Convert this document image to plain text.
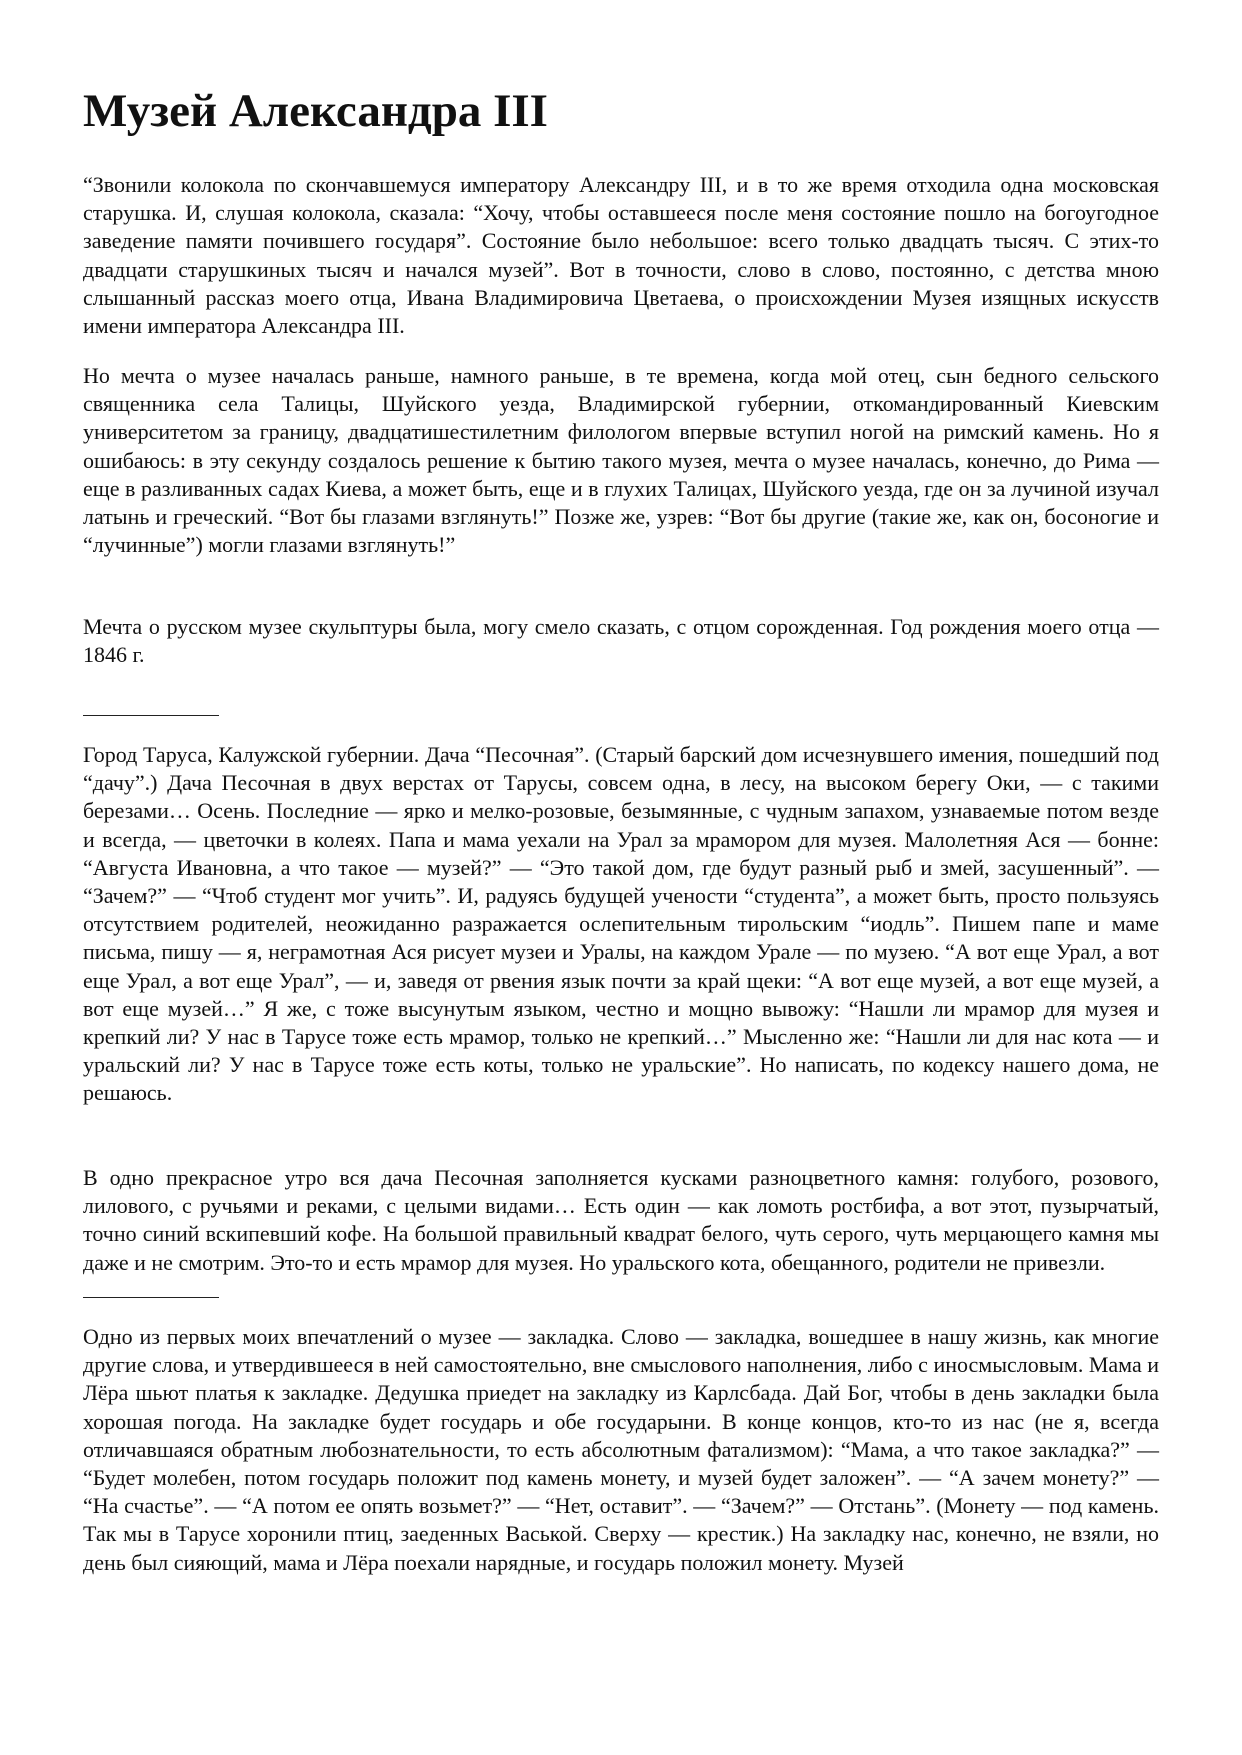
Музей Александра III

“Звонили колокола по скончавшемуся императору Александру III, и в то же время отходила одна московская старушка. И, слушая колокола, сказала: “Хочу, чтобы оставшееся после меня состояние пошло на богоугодное заведение памяти почившего государя”. Состояние было небольшое: всего только двадцать тысяч. С этих-то двадцати старушкиных тысяч и начался музей”. Вот в точности, слово в слово, постоянно, с детства мною слышанный рассказ моего отца, Ивана Владимировича Цветаева, о происхождении Музея изящных искусств имени императора Александра III.

Но мечта о музее началась раньше, намного раньше, в те времена, когда мой отец, сын бедного сельского священника села Талицы, Шуйского уезда, Владимирской губернии, откомандированный Киевским университетом за границу, двадцатишестилетним филологом впервые вступил ногой на римский камень. Но я ошибаюсь: в эту секунду создалось решение к бытию такого музея, мечта о музее началась, конечно, до Рима — еще в разливанных садах Киева, а может быть, еще и в глухих Талицах, Шуйского уезда, где он за лучиной изучал латынь и греческий. “Вот бы глазами взглянуть!” Позже же, узрев: “Вот бы другие (такие же, как он, босоногие и “лучинные”) могли глазами взглянуть!”

Мечта о русском музее скульптуры была, могу смело сказать, с отцом сорожденная. Год рождения моего отца — 1846 г.

Город Таруса, Калужской губернии. Дача “Песочная”. (Старый барский дом исчезнувшего имения, пошедший под “дачу”.) Дача Песочная в двух верстах от Тарусы, совсем одна, в лесу, на высоком берегу Оки, — с такими березами… Осень. Последние — ярко и мелко-розовые, безымянные, с чудным запахом, узнаваемые потом везде и всегда, — цветочки в колеях. Папа и мама уехали на Урал за мрамором для музея. Малолетняя Ася — бонне: “Августа Ивановна, а что такое — музей?” — “Это такой дом, где будут разный рыб и змей, засушенный”. — “Зачем?” — “Чтоб студент мог учить”. И, радуясь будущей учености “студента”, а может быть, просто пользуясь отсутствием родителей, неожиданно разражается ослепительным тирольским “иодль”. Пишем папе и маме письма, пишу — я, неграмотная Ася рисует музеи и Уралы, на каждом Урале — по музею. “А вот еще Урал, а вот еще Урал, а вот еще Урал”, — и, заведя от рвения язык почти за край щеки: “А вот еще музей, а вот еще музей, а вот еще музей…” Я же, с тоже высунутым языком, честно и мощно вывожу: “Нашли ли мрамор для музея и крепкий ли? У нас в Тарусе тоже есть мрамор, только не крепкий…” Мысленно же: “Нашли ли для нас кота — и уральский ли? У нас в Тарусе тоже есть коты, только не уральские”. Но написать, по кодексу нашего дома, не решаюсь.

В одно прекрасное утро вся дача Песочная заполняется кусками разноцветного камня: голубого, розового, лилового, с ручьями и реками, с целыми видами… Есть один — как ломоть ростбифа, а вот этот, пузырчатый, точно синий вскипевший кофе. На большой правильный квадрат белого, чуть серого, чуть мерцающего камня мы даже и не смотрим. Это-то и есть мрамор для музея. Но уральского кота, обещанного, родители не привезли.

Одно из первых моих впечатлений о музее — закладка. Слово — закладка, вошедшее в нашу жизнь, как многие другие слова, и утвердившееся в ней самостоятельно, вне смыслового наполнения, либо с иносмысловым. Мама и Лёра шьют платья к закладке. Дедушка приедет на закладку из Карлсбада. Дай Бог, чтобы в день закладки была хорошая погода. На закладке будет государь и обе государыни. В конце концов, кто-то из нас (не я, всегда отличавшаяся обратным любознательности, то есть абсолютным фатализмом): “Мама, а что такое закладка?” — “Будет молебен, потом государь положит под камень монету, и музей будет заложен”. — “А зачем монету?” — “На счастье”. — “А потом ее опять возьмет?” — “Нет, оставит”. — “Зачем?” — Отстань”. (Монету — под камень. Так мы в Тарусе хоронили птиц, заеденных Васькой. Сверху — крестик.) На закладку нас, конечно, не взяли, но день был сияющий, мама и Лёра поехали нарядные, и государь положил монету. Музей
